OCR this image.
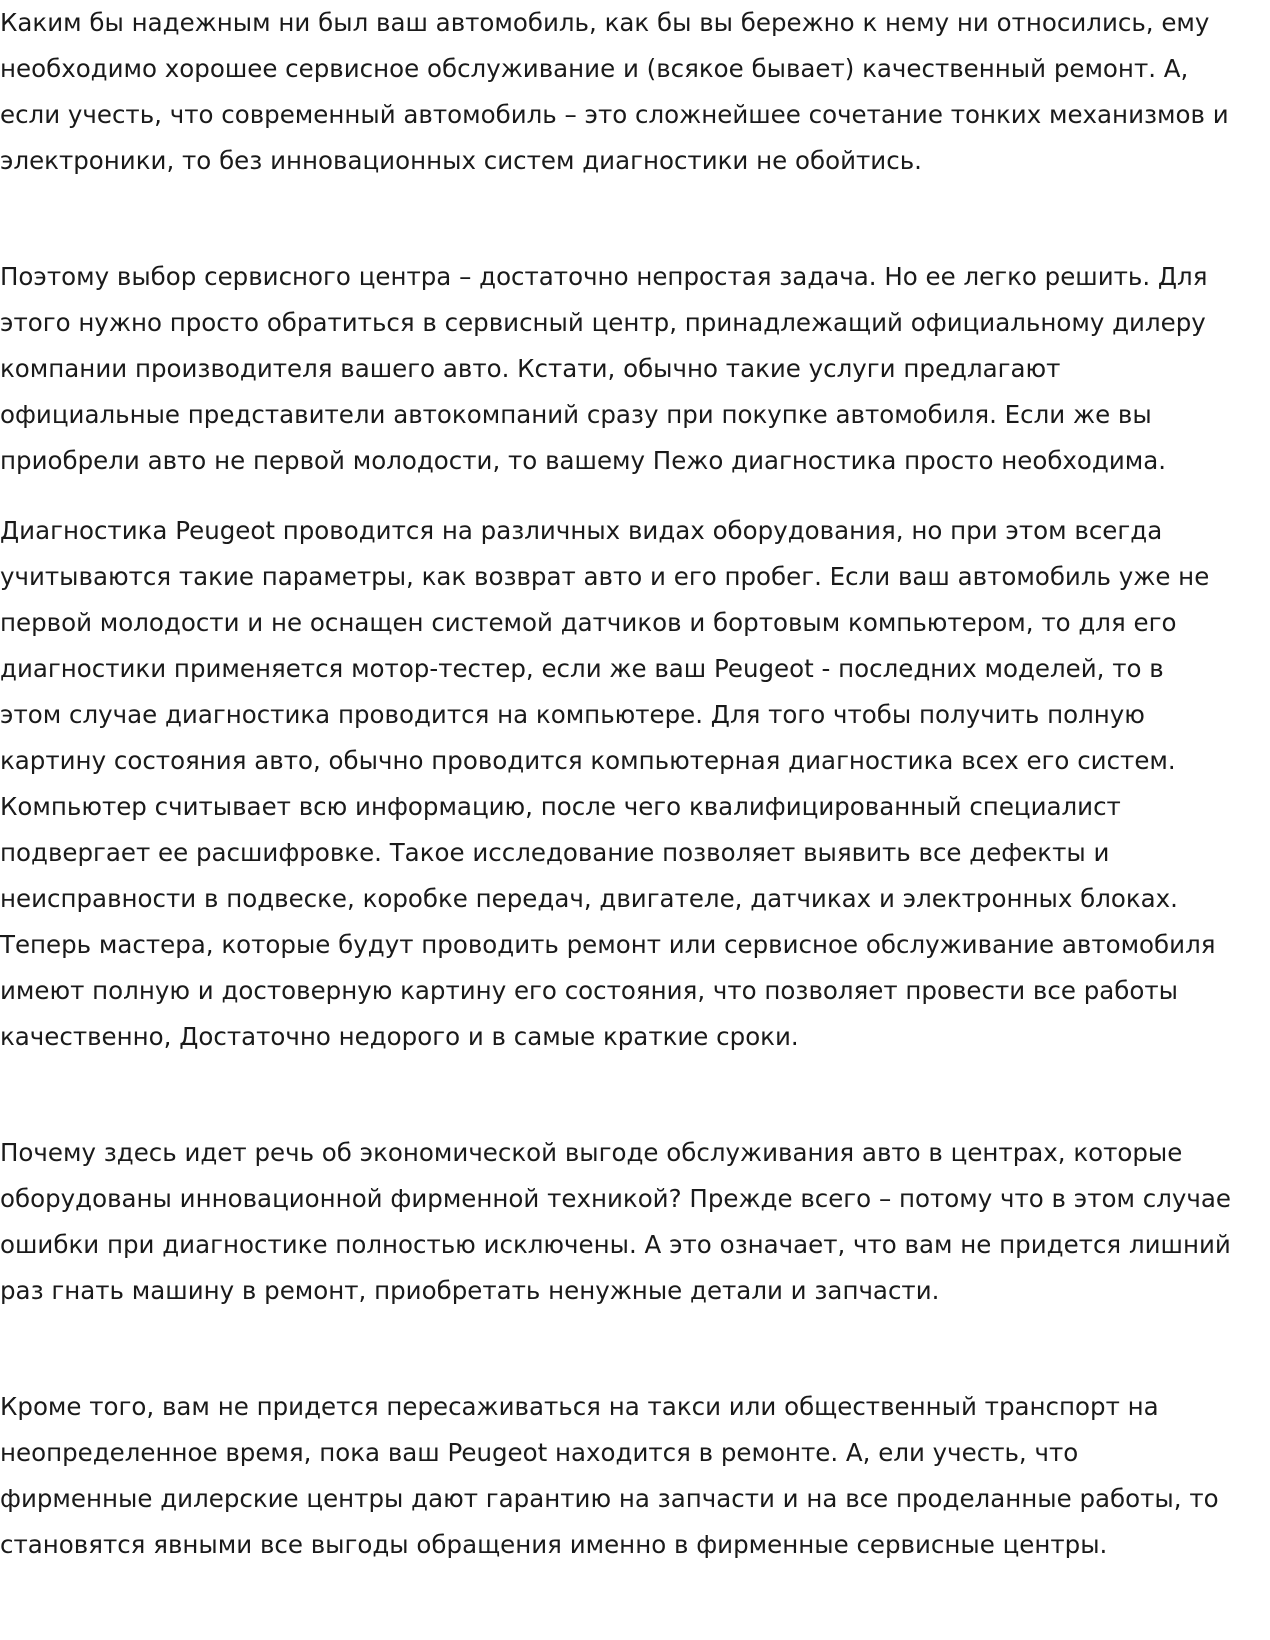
Каким бы надежным ни был ваш автомобиль, как бы вы бережно к нему ни относились, ему необходимо хорошее сервисное обслуживание и (всякое бывает) качественный ремонт. А, если учесть, что современный автомобиль – это сложнейшее сочетание тонких механизмов и электроники, то без инновационных систем диагностики не обойтись.

Поэтому выбор сервисного центра – достаточно непростая задача. Но ее легко решить. Для этого нужно просто обратиться в сервисный центр, принадлежащий официальному дилеру компании производителя вашего авто. Кстати, обычно такие услуги предлагают официальные представители автокомпаний сразу при покупке автомобиля. Если же вы приобрели авто не первой молодости, то вашему Пежо диагностика просто необходима.

Диагностика Peugeot проводится на различных видах оборудования, но при этом всегда учитываются такие параметры, как возврат авто и его пробег. Если ваш автомобиль уже не первой молодости и не оснащен системой датчиков и бортовым компьютером, то для его диагностики применяется мотор-тестер, если же ваш Peugeot - последних моделей, то в этом случае диагностика проводится на компьютере. Для того чтобы получить полную картину состояния авто, обычно проводится компьютерная диагностика всех его систем. Компьютер считывает всю информацию, после чего квалифицированный специалист подвергает ее расшифровке. Такое исследование позволяет выявить все дефекты и неисправности в подвеске, коробке передач, двигателе, датчиках и электронных блоках. Теперь мастера, которые будут проводить ремонт или сервисное обслуживание автомобиля имеют полную и достоверную картину его состояния, что позволяет провести все работы качественно, Достаточно недорого и в самые краткие сроки.

Почему здесь идет речь об экономической выгоде обслуживания авто в центрах, которые оборудованы инновационной фирменной техникой? Прежде всего – потому что в этом случае ошибки при диагностике полностью исключены. А это означает, что вам не придется лишний раз гнать машину в ремонт, приобретать ненужные детали и запчасти.

Кроме того, вам не придется пересаживаться на такси или общественный транспорт на неопределенное время, пока ваш Peugeot находится в ремонте. А, ели учесть, что фирменные дилерские центры дают гарантию на запчасти и на все проделанные работы, то становятся явными все выгоды обращения именно в фирменные сервисные центры.
